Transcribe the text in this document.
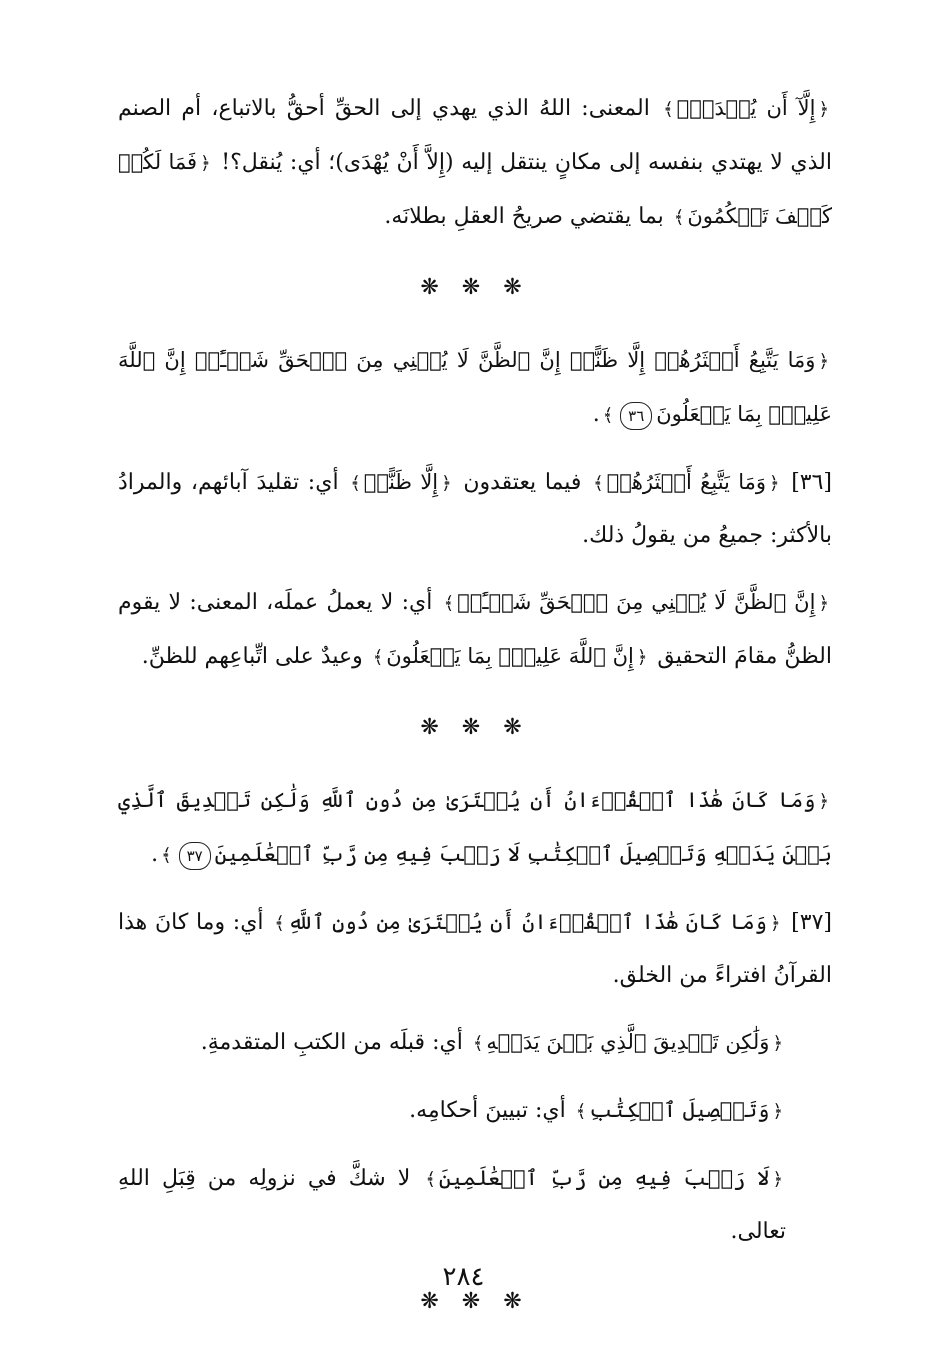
﴿إِلَّآ أَن يُهۡدَىٰۖ﴾ المعنى: اللهُ الذي يهدي إلى الحقِّ أحقُّ بالاتباع، أم الصنم الذي لا يهتدي بنفسه إلى مكانٍ ينتقل إليه (إِلاَّ أَنْ يُهْدَى)؛ أي: يُنقل؟! ﴿فَمَا لَكُمۡ كَيۡفَ تَحۡكُمُونَ﴾ بما يقتضي صريحُ العقلِ بطلانَه.

❋ ❋ ❋

﴿وَمَا يَتَّبِعُ أَكۡثَرُهُمۡ إِلَّا ظَنًّاۚ إِنَّ ٱلظَّنَّ لَا يُغۡنِي مِنَ ٱلۡحَقِّ شَيۡـًٔاۚ إِنَّ ٱللَّهَ عَلِيمُۢ بِمَا يَفۡعَلُونَ٣٦﴾.

[٣٦] ﴿وَمَا يَتَّبِعُ أَكۡثَرُهُمۡ﴾ فيما يعتقدون ﴿إِلَّا ظَنًّاۚ﴾ أي: تقليدَ آبائهم، والمرادُ بالأكثر: جميعُ من يقولُ ذلك.

﴿إِنَّ ٱلظَّنَّ لَا يُغۡنِي مِنَ ٱلۡحَقِّ شَيۡـًٔاۚ﴾ أي: لا يعملُ عملَه، المعنى: لا يقوم الظنُّ مقامَ التحقيق ﴿إِنَّ ٱللَّهَ عَلِيمُۢ بِمَا يَفۡعَلُونَ﴾ وعيدٌ على اتِّباعِهم للظنِّ.

❋ ❋ ❋

﴿وَمَا كَانَ هَٰذَا ٱلۡقُرۡءَانُ أَن يُفۡتَرَىٰ مِن دُونِ ٱللَّهِ وَلَٰكِن تَصۡدِيقَ ٱلَّذِي بَيۡنَ يَدَيۡهِ وَتَفۡصِيلَ ٱلۡكِتَٰبِ لَا رَيۡبَ فِيهِ مِن رَّبِّ ٱلۡعَٰلَمِينَ٣٧﴾.

[٣٧] ﴿وَمَا كَانَ هَٰذَا ٱلۡقُرۡءَانُ أَن يُفۡتَرَىٰ مِن دُونِ ٱللَّهِ﴾ أي: وما كانَ هذا القرآنُ افتراءً من الخلق.

﴿وَلَٰكِن تَصۡدِيقَ ٱلَّذِي بَيۡنَ يَدَيۡهِ﴾ أي: قبلَه من الكتبِ المتقدمةِ.

﴿وَتَفۡصِيلَ ٱلۡكِتَٰبِ﴾ أي: تبيينَ أحكامِه.

﴿لَا رَيۡبَ فِيهِ مِن رَّبِّ ٱلۡعَٰلَمِينَ﴾ لا شكَّ في نزولِه من قِبَلِ اللهِ تعالى.

❋ ❋ ❋
٢٨٤
